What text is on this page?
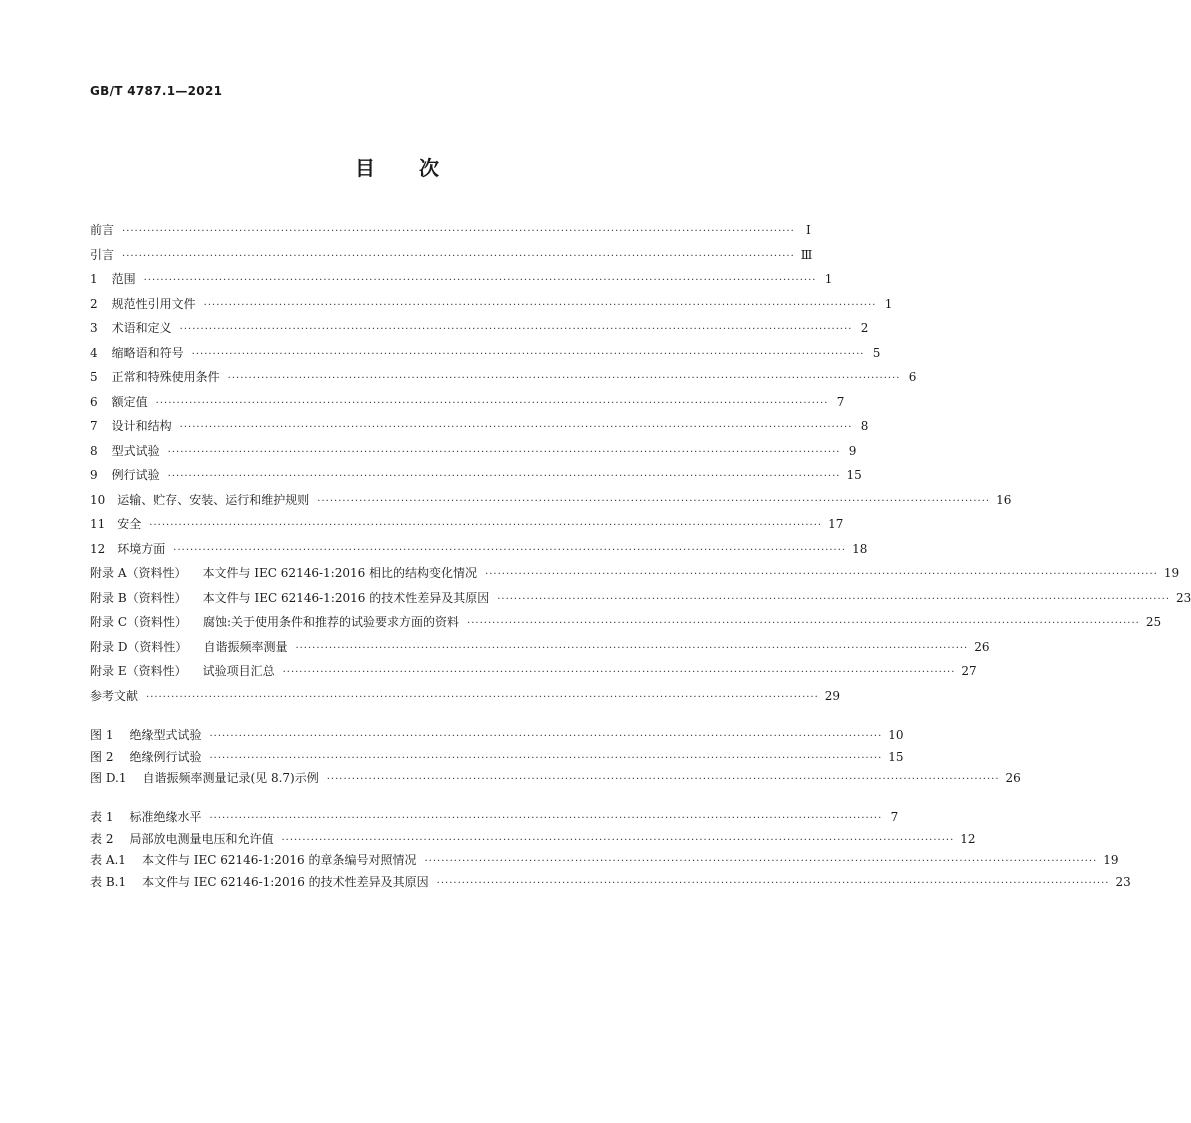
GB/T 4787.1—2021
目 次
前言 ································································································································································· Ⅰ
引言 ································································································································································· Ⅲ
1 范围 ································································································································································· 1
2 规范性引用文件 ································································································································································· 1
3 术语和定义 ································································································································································· 2
4 缩略语和符号 ································································································································································· 5
5 正常和特殊使用条件 ································································································································································· 6
6 额定值 ································································································································································· 7
7 设计和结构 ································································································································································· 8
8 型式试验 ································································································································································· 9
9 例行试验 ································································································································································· 15
10 运输、贮存、安装、运行和维护规则 ································································································································································· 16
11 安全 ································································································································································· 17
12 环境方面 ································································································································································· 18
附录 A（资料性） 本文件与 IEC 62146-1:2016 相比的结构变化情况 ································································································································································· 19
附录 B（资料性） 本文件与 IEC 62146-1:2016 的技术性差异及其原因 ································································································································································· 23
附录 C（资料性） 腐蚀:关于使用条件和推荐的试验要求方面的资料 ································································································································································· 25
附录 D（资料性） 自谐振频率测量 ································································································································································· 26
附录 E（资料性） 试验项目汇总 ································································································································································· 27
参考文献 ································································································································································· 29
图 1 绝缘型式试验 ································································································································································· 10
图 2 绝缘例行试验 ································································································································································· 15
图 D.1 自谐振频率测量记录(见 8.7)示例 ································································································································································· 26
表 1 标准绝缘水平 ································································································································································· 7
表 2 局部放电测量电压和允许值 ································································································································································· 12
表 A.1 本文件与 IEC 62146-1:2016 的章条编号对照情况 ································································································································································· 19
表 B.1 本文件与 IEC 62146-1:2016 的技术性差异及其原因 ································································································································································· 23
